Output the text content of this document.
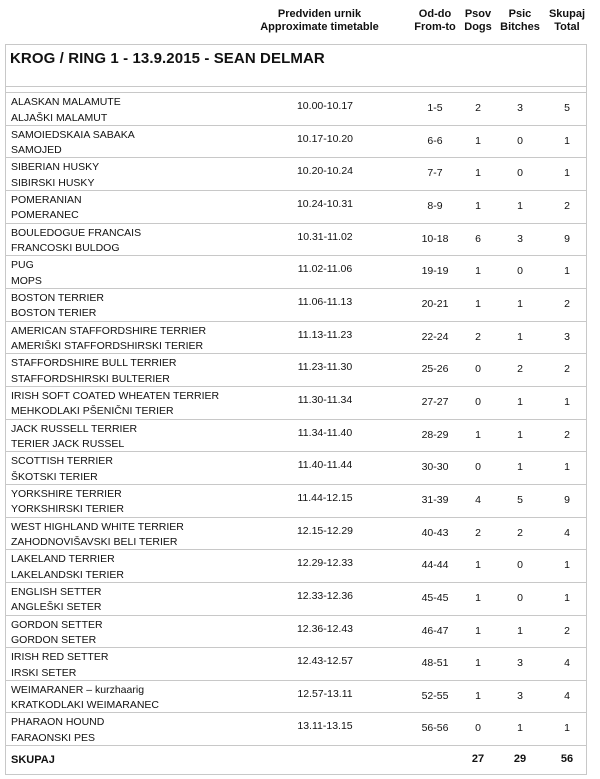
Predviden urnik
Approximate timetable
Od-do
From-to
Psov
Dogs
Psic
Bitches
Skupaj
Total
KROG / RING 1 - 13.9.2015 - SEAN DELMAR
ALASKAN MALAMUTE
ALJAŠKI MALAMUT
10.00-10.17	1-5	2	3	5
SAMOIEDSKAIA SABAKA
SAMOJED
10.17-10.20	6-6	1	0	1
SIBERIAN HUSKY
SIBIRSKI HUSKY
10.20-10.24	7-7	1	0	1
POMERANIAN
POMERANEC
10.24-10.31	8-9	1	1	2
BOULEDOGUE FRANCAIS
FRANCOSKI BULDOG
10.31-11.02	10-18	6	3	9
PUG
MOPS
11.02-11.06	19-19	1	0	1
BOSTON TERRIER
BOSTON TERIER
11.06-11.13	20-21	1	1	2
AMERICAN STAFFORDSHIRE TERRIER
AMERIŠKI STAFFORDSHIRSKI TERIER
11.13-11.23	22-24	2	1	3
STAFFORDSHIRE BULL TERRIER
STAFFORDSHIRSKI BULTERIER
11.23-11.30	25-26	0	2	2
IRISH SOFT COATED WHEATEN TERRIER
MEHKODLAKI PŠENIČNI TERIER
11.30-11.34	27-27	0	1	1
JACK RUSSELL TERRIER
TERIER JACK RUSSEL
11.34-11.40	28-29	1	1	2
SCOTTISH TERRIER
ŠKOTSKI TERIER
11.40-11.44	30-30	0	1	1
YORKSHIRE TERRIER
YORKSHIRSKI TERIER
11.44-12.15	31-39	4	5	9
WEST HIGHLAND WHITE TERRIER
ZAHODNOVIŠAVSKI BELI TERIER
12.15-12.29	40-43	2	2	4
LAKELAND TERRIER
LAKELANDSKI TERIER
12.29-12.33	44-44	1	0	1
ENGLISH SETTER
ANGLEŠKI SETER
12.33-12.36	45-45	1	0	1
GORDON SETTER
GORDON SETER
12.36-12.43	46-47	1	1	2
IRISH RED SETTER
IRSKI SETER
12.43-12.57	48-51	1	3	4
WEIMARANER – kurzhaarig
KRATKODLAKI WEIMARANEC
12.57-13.11	52-55	1	3	4
PHARAON HOUND
FARAONSKI PES
13.11-13.15	56-56	0	1	1
SKUPAJ	27	29	56
